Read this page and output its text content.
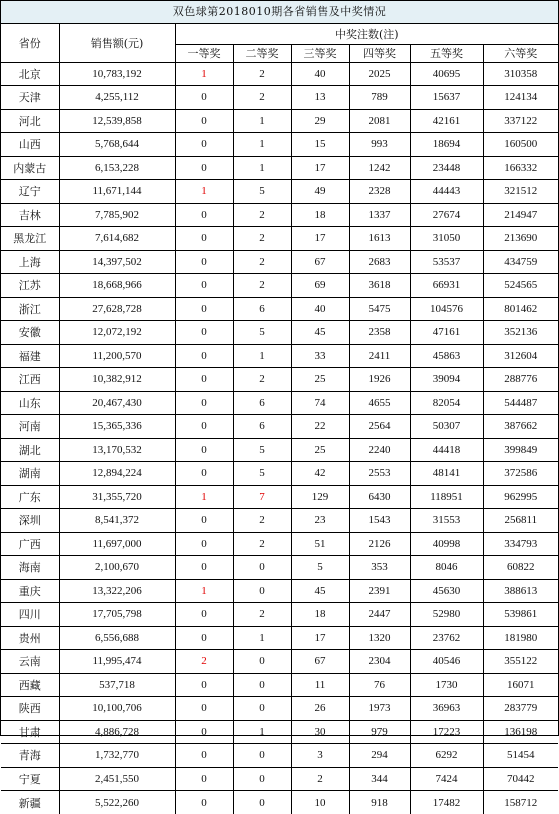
双色球第2018010期各省销售及中奖情况
省份	销售额(元)	中奖注数(注)					
		一等奖	二等奖	三等奖	四等奖	五等奖	六等奖
北京	10,783,192	1	2	40	2025	40695	310358
天津	4,255,112	0	2	13	789	15637	124134
河北	12,539,858	0	1	29	2081	42161	337122
山西	5,768,644	0	1	15	993	18694	160500
内蒙古	6,153,228	0	1	17	1242	23448	166332
辽宁	11,671,144	1	5	49	2328	44443	321512
吉林	7,785,902	0	2	18	1337	27674	214947
黑龙江	7,614,682	0	2	17	1613	31050	213690
上海	14,397,502	0	2	67	2683	53537	434759
江苏	18,668,966	0	2	69	3618	66931	524565
浙江	27,628,728	0	6	40	5475	104576	801462
安徽	12,072,192	0	5	45	2358	47161	352136
福建	11,200,570	0	1	33	2411	45863	312604
江西	10,382,912	0	2	25	1926	39094	288776
山东	20,467,430	0	6	74	4655	82054	544487
河南	15,365,336	0	6	22	2564	50307	387662
湖北	13,170,532	0	5	25	2240	44418	399849
湖南	12,894,224	0	5	42	2553	48141	372586
广东	31,355,720	1	7	129	6430	118951	962995
深圳	8,541,372	0	2	23	1543	31553	256811
广西	11,697,000	0	2	51	2126	40998	334793
海南	2,100,670	0	0	5	353	8046	60822
重庆	13,322,206	1	0	45	2391	45630	388613
四川	17,705,798	0	2	18	2447	52980	539861
贵州	6,556,688	0	1	17	1320	23762	181980
云南	11,995,474	2	0	67	2304	40546	355122
西藏	537,718	0	0	11	76	1730	16071
陕西	10,100,706	0	0	26	1973	36963	283779
甘肃	4,886,728	0	1	30	979	17223	136198
青海	1,732,770	0	0	3	294	6292	51454
宁夏	2,451,550	0	0	2	344	7424	70442
新疆	5,522,260	0	0	10	918	17482	158712
